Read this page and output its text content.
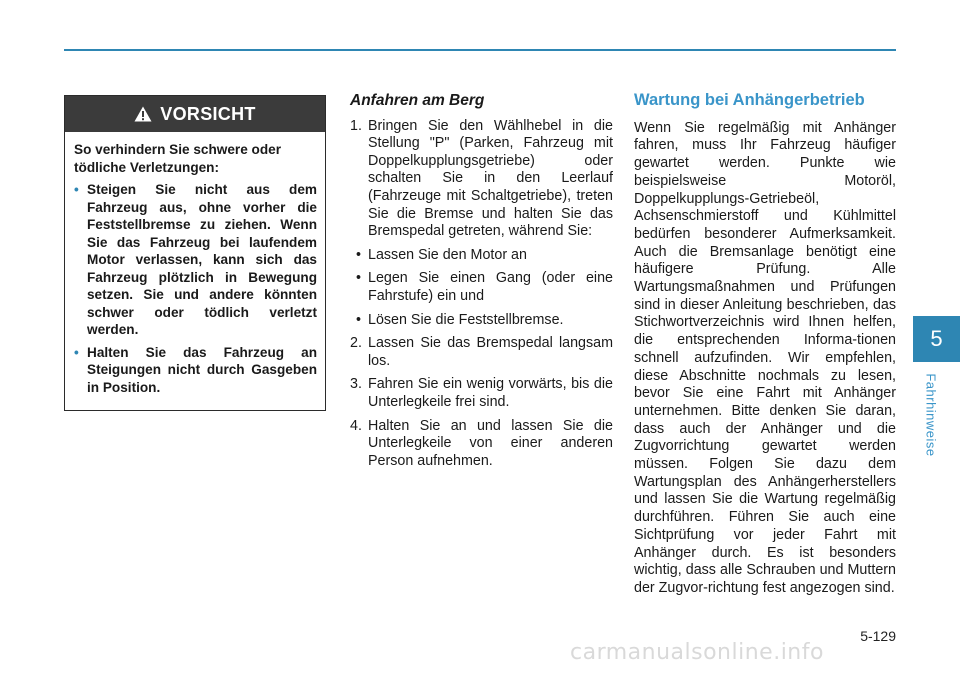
VORSICHT

So verhindern Sie schwere oder tödliche Verletzungen:

• Steigen Sie nicht aus dem Fahrzeug aus, ohne vorher die Feststellbremse zu ziehen. Wenn Sie das Fahrzeug bei laufendem Motor verlassen, kann sich das Fahrzeug plötzlich in Bewegung setzen. Sie und andere könnten schwer oder tödlich verletzt werden.
• Halten Sie das Fahrzeug an Steigungen nicht durch Gasgeben in Position.
Anfahren am Berg
1. Bringen Sie den Wählhebel in die Stellung "P" (Parken, Fahrzeug mit Doppelkupplungsgetriebe) oder schalten Sie in den Leerlauf (Fahrzeuge mit Schaltgetriebe), treten Sie die Bremse und halten Sie das Bremspedal getreten, während Sie:
• Lassen Sie den Motor an
• Legen Sie einen Gang (oder eine Fahrstufe) ein und
• Lösen Sie die Feststellbremse.
2. Lassen Sie das Bremspedal langsam los.
3. Fahren Sie ein wenig vorwärts, bis die Unterlegkeile frei sind.
4. Halten Sie an und lassen Sie die Unterlegkeile von einer anderen Person aufnehmen.
Wartung bei Anhängerbetrieb

Wenn Sie regelmäßig mit Anhänger fahren, muss Ihr Fahrzeug häufiger gewartet werden. Punkte wie beispielsweise Motoröl, Doppelkupplungs-Getriebeöl, Achsenschmierstoff und Kühlmittel bedürfen besonderer Aufmerksamkeit. Auch die Bremsanlage benötigt eine häufigere Prüfung. Alle Wartungsmaßnahmen und Prüfungen sind in dieser Anleitung beschrieben, das Stichwortverzeichnis wird Ihnen helfen, die entsprechenden Informa-tionen schnell aufzufinden. Wir empfehlen, diese Abschnitte nochmals zu lesen, bevor Sie eine Fahrt mit Anhänger unternehmen. Bitte denken Sie daran, dass auch der Anhänger und die Zugvorrichtung gewartet werden müssen. Folgen Sie dazu dem Wartungsplan des Anhängerherstellers und lassen Sie die Wartung regelmäßig durchführen. Führen Sie auch eine Sichtprüfung vor jeder Fahrt mit Anhänger durch. Es ist besonders wichtig, dass alle Schrauben und Muttern der Zugvor-richtung fest angezogen sind.

5
Fahrhinweise
5-129
carmanualsonline.info
